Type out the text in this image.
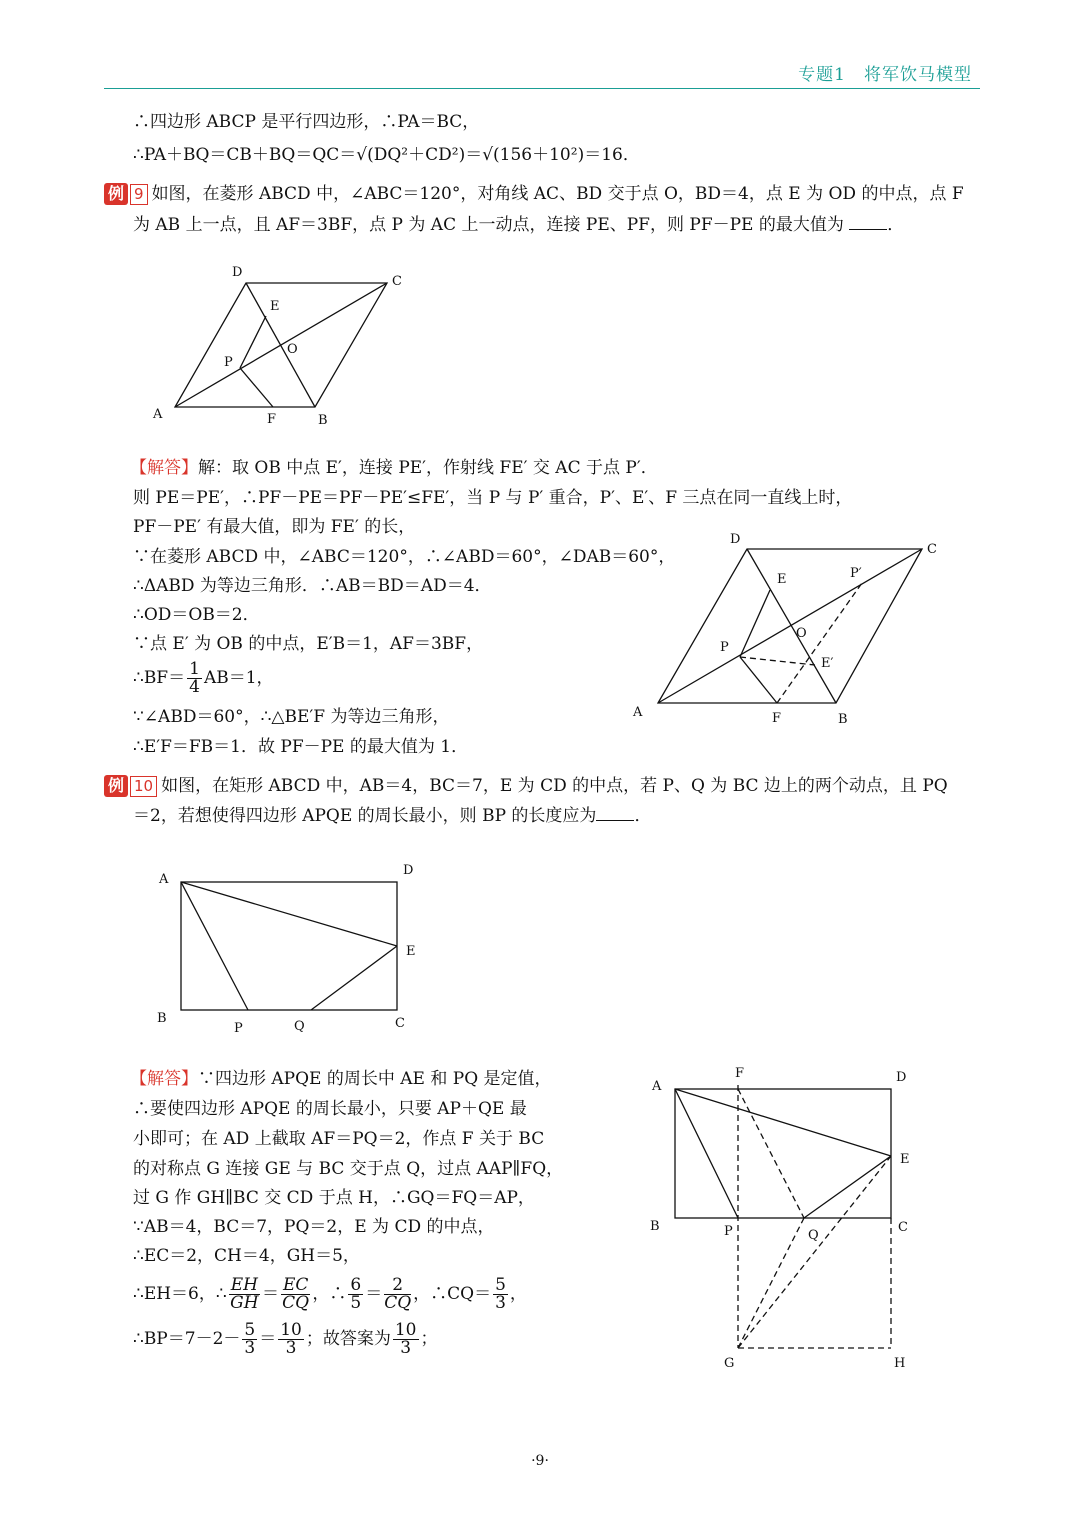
专题1　将军饮马模型
∴四边形 ABCP 是平行四边形，∴PA＝BC，
∴PA＋BQ＝CB＋BQ＝QC＝√(DQ²＋CD²)＝√(156＋10²)＝16．
例 9 如图，在菱形 ABCD 中，∠ABC＝120°，对角线 AC、BD 交于点 O，BD＝4，点 E 为 OD 的中点，点 F
为 AB 上一点，且 AF＝3BF，点 P 为 AC 上一动点，连接 PE、PF，则 PF－PE 的最大值为	．
D
C
E
O
P
A	F	B
D
C
E	P′
O
P
E′
A	F	B
A
D
E
B
P	Q	C
A
F	D
E
B	P	Q
C
G	H
【解答】解：取 OB 中点 E′，连接 PE′，作射线 FE′ 交 AC 于点 P′．
则 PE＝PE′，∴PF－PE＝PF－PE′≤FE′，当 P 与 P′ 重合，P′、E′、F 三点在同一直线上时，
PF－PE′ 有最大值，即为 FE′ 的长，
∵在菱形 ABCD 中，∠ABC＝120°，∴∠ABD＝60°，∠DAB＝60°，
∴ΔABD 为等边三角形．∴AB＝BD＝AD＝4．
∴OD＝OB＝2．
∵点 E′ 为 OB 的中点，E′B＝1，AF＝3BF，
∴BF＝ $\frac{1}{4} AB=1$，
∵∠ABD＝60°，∴△BE′F 为等边三角形，
∴E′F＝FB＝1．故 PF－PE 的最大值为 1．
例 10 如图，在矩形 ABCD 中，AB＝4，BC＝7，E 为 CD 的中点，若 P、Q 为 BC 边上的两个动点，且 PQ
＝2，若想使得四边形 APQE 的周长最小，则 BP 的长度应为 ．
【解答】∵四边形 APQE 的周长中 AE 和 PQ 是定值，
∴要使四边形 APQE 的周长最小，只要 AP＋QE 最
小即可；在 AD 上截取 AF＝PQ＝2，作点 F 关于 BC
的对称点 G 连接 GE 与 BC 交于点 Q，过点 AAP∥FQ，
过 G 作 GH∥BC 交 CD 于点 H，∴GQ＝FQ＝AP，
∵AB＝4，BC＝7，PQ＝2，E 为 CD 的中点，
∴EC＝2，CH＝4，GH＝5，
∴EH＝6，∴ $\frac{EH}{GH} = \frac{EC}{CQ}$ ，∴ $\frac{6}{5} = \frac{2}{CQ}$ ，∴CQ＝ $\frac{5}{3}$ ，
∴BP＝7－2－ $\frac{5}{3} = \frac{10}{3}$ ；故答案为 $\frac{10}{3}$ ；
·9·
